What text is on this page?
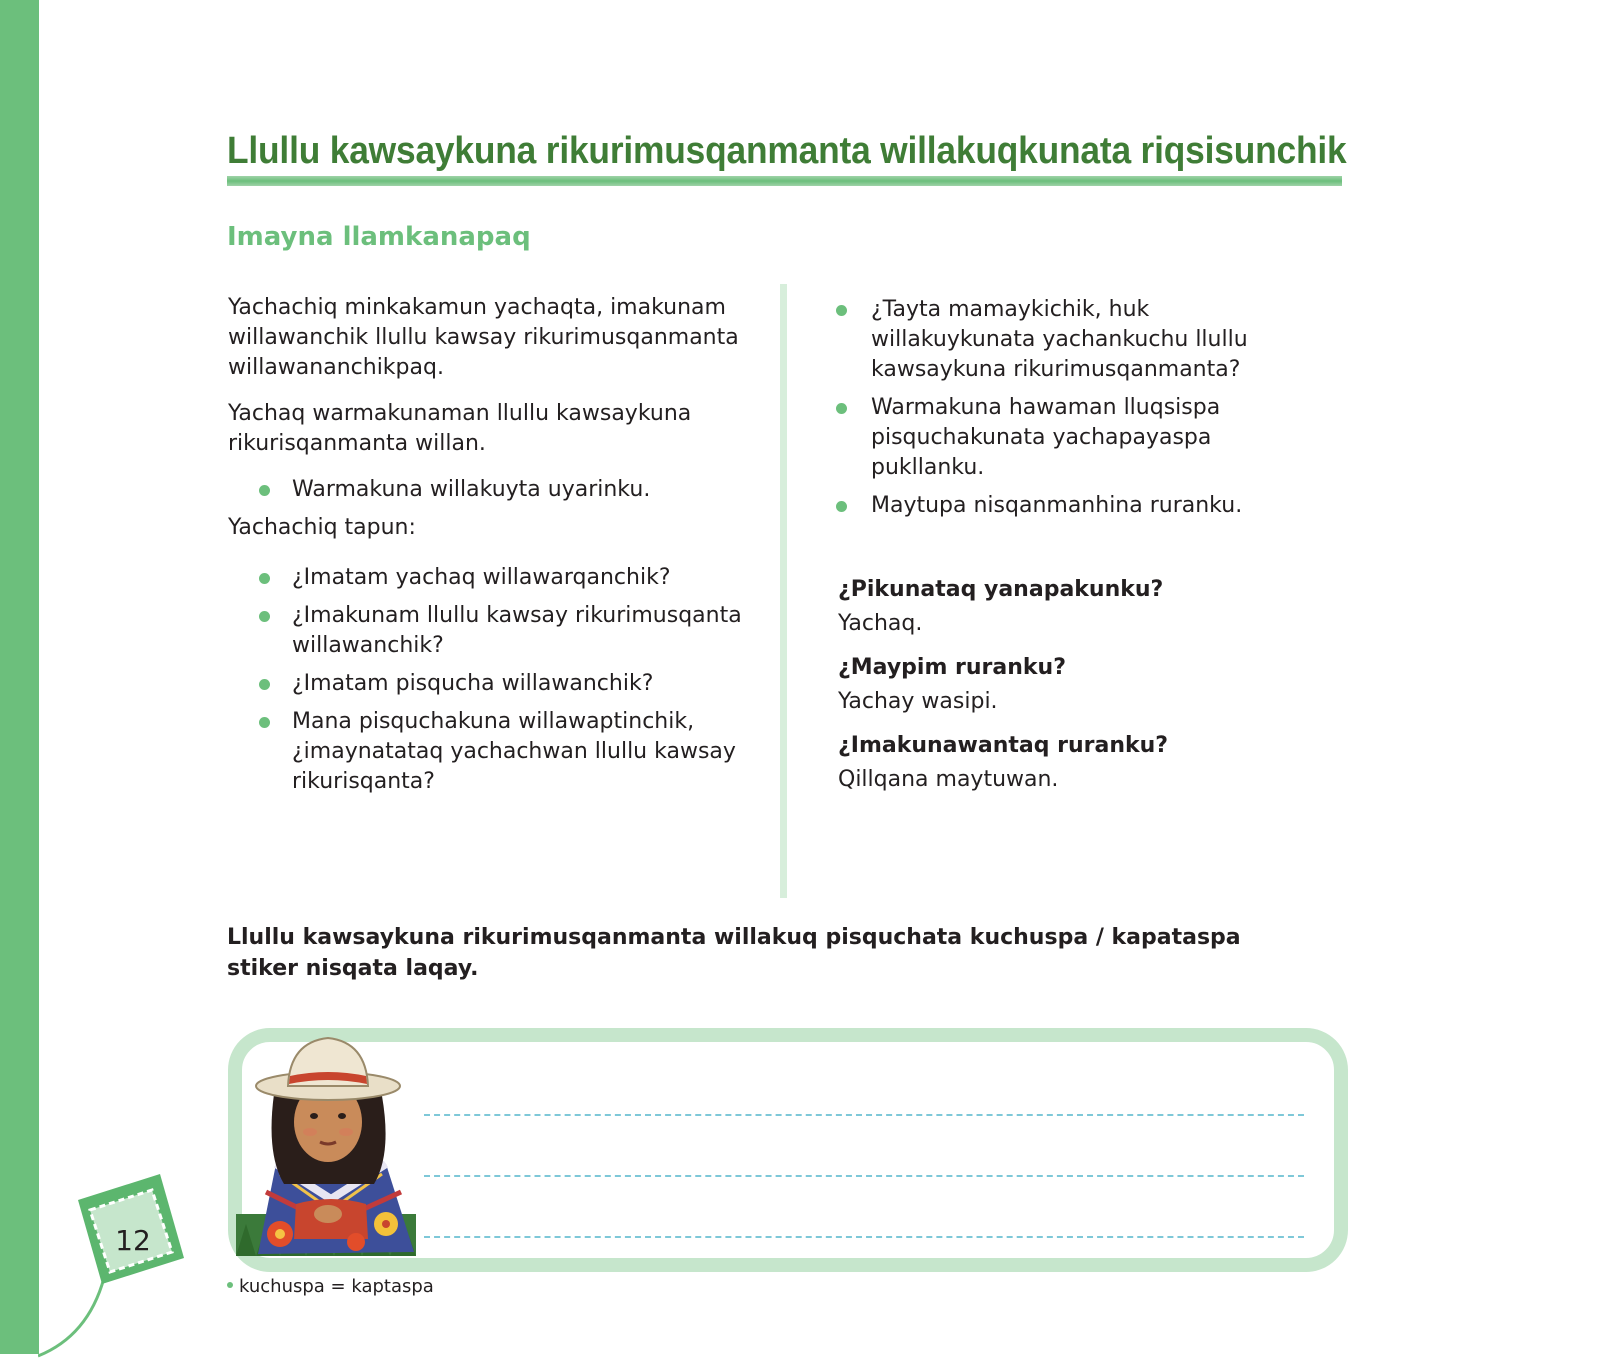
Llullu kawsaykuna rikurimusqanmanta willakuqkunata riqsisunchik
Imayna llamkanapaq

Yachachiq minkakamun yachaqta, imakunam willawanchik llullu kawsay rikurimusqanmanta willawananchikpaq.

Yachaq warmakunaman llullu kawsaykuna rikurisqanmanta willan.

Warmakuna willakuyta uyarinku.

Yachachiq tapun:

¿Imatam yachaq willawarqanchik?
¿Imakunam llullu kawsay rikurimusqanta willawanchik?
¿Imatam pisqucha willawanchik?
Mana pisquchakuna willawaptinchik, ¿imaynatataq yachachwan llullu kawsay rikurisqanta?
¿Tayta mamaykichik, huk willakuykunata yachankuchu llullu kawsaykuna rikurimusqanmanta?
Warmakuna hawaman lluqsispa pisquchakunata yachapayaspa pukllanku.
Maytupa nisqanmanhina ruranku.

¿Pikunataq yanapakunku?

Yachaq.

¿Maypim ruranku?

Yachay wasipi.

¿Imakunawantaq ruranku?

Qillqana maytuwan.

Llullu kawsaykuna rikurimusqanmanta willakuq pisquchata kuchuspa / kapataspa stiker nisqata laqay.

kuchuspa = kaptaspa

12
